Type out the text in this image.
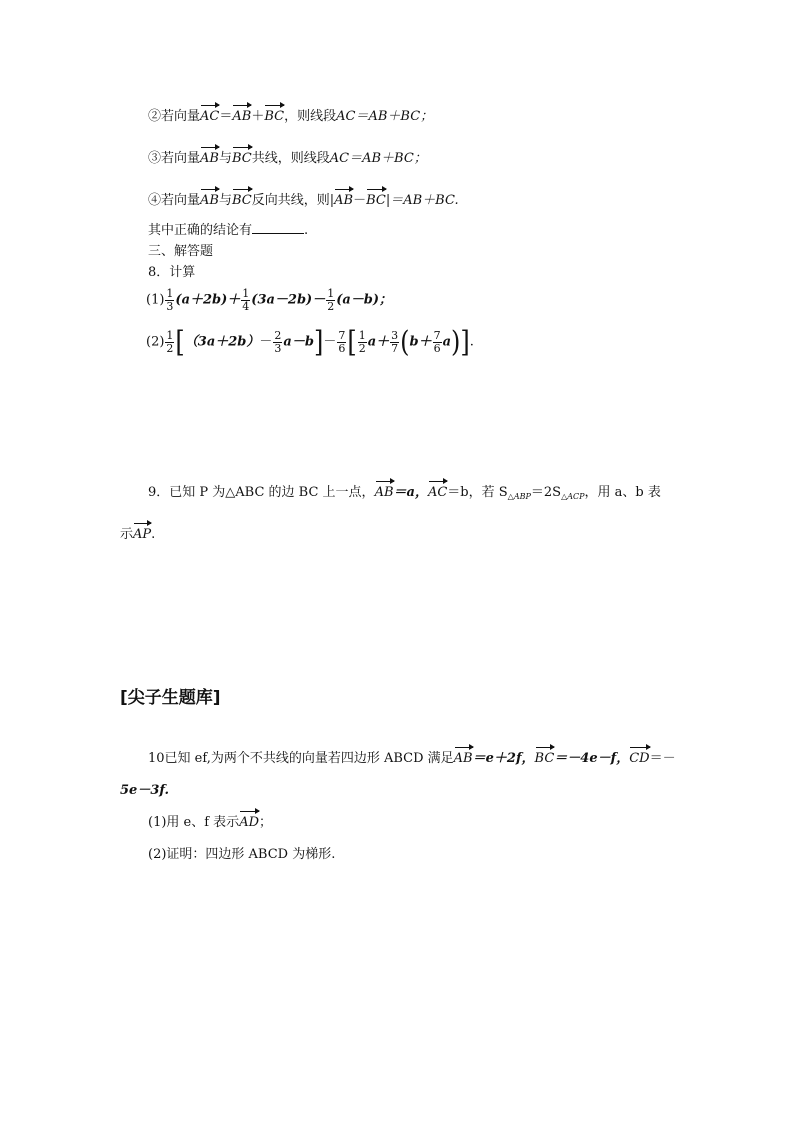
②若向量AC＝AB＋BC，则线段AC＝AB＋BC；
③若向量AB与BC共线，则线段AC＝AB＋BC；
④若向量AB与BC反向共线，则|AB－BC|＝AB＋BC.
其中正确的结论有	.
三、解答题
8．计算
$(1) \frac{1}{3} (a+2b)+ \frac{1}{4} (3a-2b)- \frac{1}{2} (a-b)$；
$(2) \frac{1}{2} [(3a+2b)- \frac{2}{3} a-b]- \frac{7}{6}$ [ $\frac{1}{2} a+ \frac{3}{7} (b+ \frac{7}{6} a)$].
9．已知 P 为△ABC 的边 BC 上一点，AB＝a，AC＝b，若 $S_{\triangle ABP}=2S_{\triangle ACP}$，用 a、b 表
示AP.
[尖子生题库]
10已知 ef,为两个不共线的向量若四边形 ABCD 满足AB＝e＋2f，BC＝－4e－f，CD＝－
5e－3f.
(1)用 e、f 表示AD；
(2)证明：四边形 ABCD 为梯形.
